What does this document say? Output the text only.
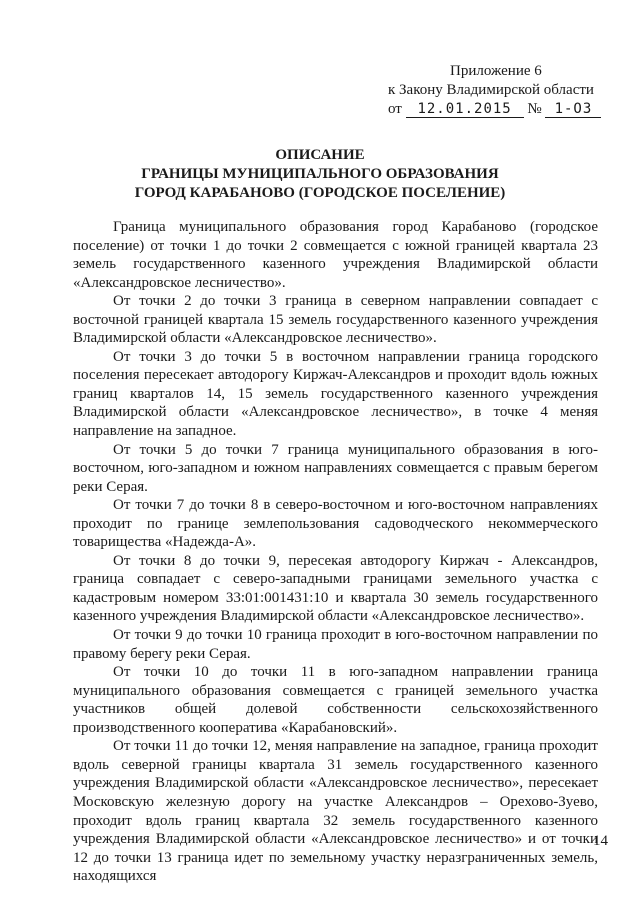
Приложение 6
к Закону Владимирской области
от 12.01.2015 № 1-ОЗ
ОПИСАНИЕ
ГРАНИЦЫ МУНИЦИПАЛЬНОГО ОБРАЗОВАНИЯ
ГОРОД КАРАБАНОВО (ГОРОДСКОЕ ПОСЕЛЕНИЕ)

Граница муниципального образования город Карабаново (городское поселение) от точки 1 до точки 2 совмещается с южной границей квартала 23 земель государственного казенного учреждения Владимирской области «Александровское лесничество».

От точки 2 до точки 3 граница в северном направлении совпадает с восточной границей квартала 15 земель государственного казенного учреждения Владимирской области «Александровское лесничество».

От точки 3 до точки 5 в восточном направлении граница городского поселения пересекает автодорогу Киржач-Александров и проходит вдоль южных границ кварталов 14, 15 земель государственного казенного учреждения Владимирской области «Александровское лесничество», в точке 4 меняя направление на западное.

От точки 5 до точки 7 граница муниципального образования в юго-восточном, юго-западном и южном направлениях совмещается с правым берегом реки Серая.

От точки 7 до точки 8 в северо-восточном и юго-восточном направлениях проходит по границе землепользования садоводческого некоммерческого товарищества «Надежда-А».

От точки 8 до точки 9, пересекая автодорогу Киржач - Александров, граница совпадает с северо-западными границами земельного участка с кадастровым номером 33:01:001431:10 и квартала 30 земель государственного казенного учреждения Владимирской области «Александровское лесничество».

От точки 9 до точки 10 граница проходит в юго-восточном направлении по правому берегу реки Серая.

От точки 10 до точки 11 в юго-западном направлении граница муниципального образования совмещается с границей земельного участка участников общей долевой собственности сельскохозяйственного производственного кооператива «Карабановский».

От точки 11 до точки 12, меняя направление на западное, граница проходит вдоль северной границы квартала 31 земель государственного казенного учреждения Владимирской области «Александровское лесничество», пересекает Московскую железную дорогу на участке Александров – Орехово-Зуево, проходит вдоль границ квартала 32 земель государственного казенного учреждения Владимирской области «Александровское лесничество» и от точки 12 до точки 13 граница идет по земельному участку неразграниченных земель, находящихся

14
